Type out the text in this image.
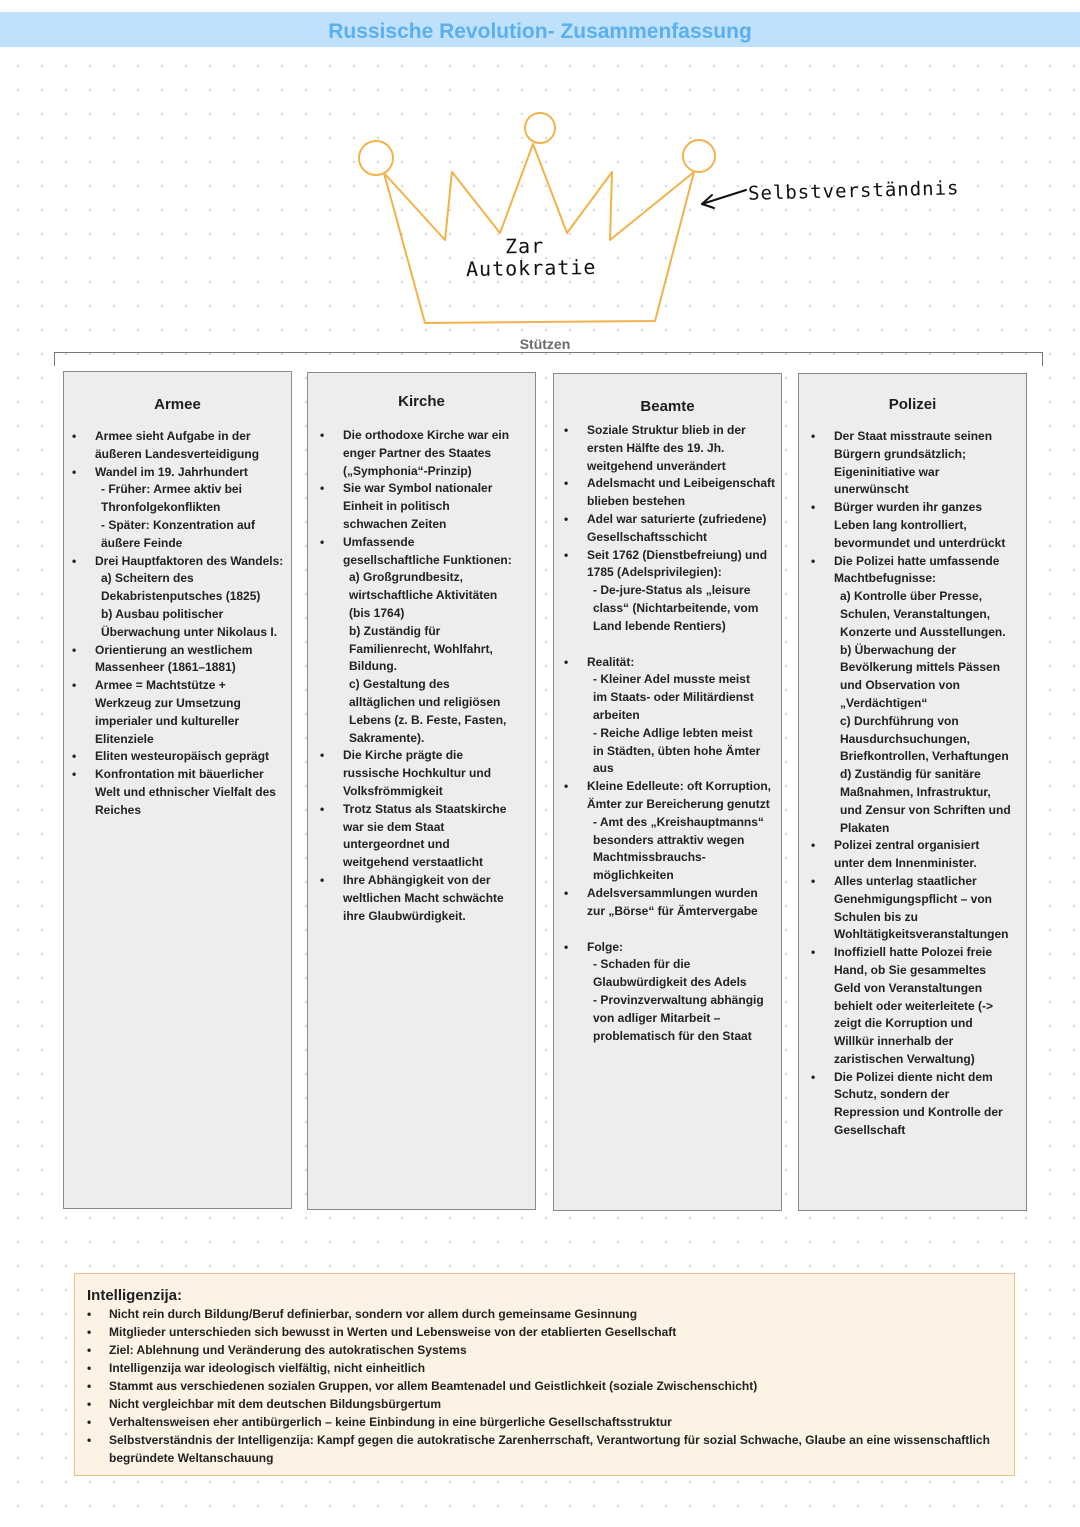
Russische Revolution- Zusammenfassung
Zar
Autokratie
Selbstverständnis
Stützen
Armee
• Armee sieht Aufgabe in der
äußeren Landesverteidigung
• Wandel im 19. Jahrhundert
- Früher: Armee aktiv bei
Thronfolgekonflikten
- Später: Konzentration auf
äußere Feinde
• Drei Hauptfaktoren des Wandels:
a) Scheitern des
Dekabristenputsches (1825)
b) Ausbau politischer
Überwachung unter Nikolaus I.
• Orientierung an westlichem
Massenheer (1861–1881)
• Armee = Machtstütze +
Werkzeug zur Umsetzung
imperialer und kultureller
Elitenziele
• Eliten westeuropäisch geprägt
• Konfrontation mit bäuerlicher
Welt und ethnischer Vielfalt des
Reiches
Kirche
• Die orthodoxe Kirche war ein
enger Partner des Staates
(„Symphonia“-Prinzip)
• Sie war Symbol nationaler
Einheit in politisch
schwachen Zeiten
• Umfassende
gesellschaftliche Funktionen:
a) Großgrundbesitz,
wirtschaftliche Aktivitäten
(bis 1764)
b) Zuständig für
Familienrecht, Wohlfahrt,
Bildung.
c) Gestaltung des
alltäglichen und religiösen
Lebens (z. B. Feste, Fasten,
Sakramente).
• Die Kirche prägte die
russische Hochkultur und
Volksfrömmigkeit
• Trotz Status als Staatskirche
war sie dem Staat
untergeordnet und
weitgehend verstaatlicht
• Ihre Abhängigkeit von der
weltlichen Macht schwächte
ihre Glaubwürdigkeit.
Beamte
• Soziale Struktur blieb in der
ersten Hälfte des 19. Jh.
weitgehend unverändert
• Adelsmacht und Leibeigenschaft
blieben bestehen
• Adel war saturierte (zufriedene)
Gesellschaftsschicht
• Seit 1762 (Dienstbefreiung) und
1785 (Adelsprivilegien):
- De-jure-Status als „leisure
class“ (Nichtarbeitende, vom
Land lebende Rentiers)
• Realität:
- Kleiner Adel musste meist
im Staats- oder Militärdienst
arbeiten
- Reiche Adlige lebten meist
in Städten, übten hohe Ämter
aus
• Kleine Edelleute: oft Korruption,
Ämter zur Bereicherung genutzt
- Amt des „Kreishauptmanns“
besonders attraktiv wegen
Machtmissbrauchs-
möglichkeiten
• Adelsversammlungen wurden
zur „Börse“ für Ämtervergabe
• Folge:
- Schaden für die
Glaubwürdigkeit des Adels
- Provinzverwaltung abhängig
von adliger Mitarbeit –
problematisch für den Staat
Polizei
• Der Staat misstraute seinen
Bürgern grundsätzlich;
Eigeninitiative war
unerwünscht
• Bürger wurden ihr ganzes
Leben lang kontrolliert,
bevormundet und unterdrückt
• Die Polizei hatte umfassende
Machtbefugnisse:
a) Kontrolle über Presse,
Schulen, Veranstaltungen,
Konzerte und Ausstellungen.
b) Überwachung der
Bevölkerung mittels Pässen
und Observation von
„Verdächtigen“
c) Durchführung von
Hausdurchsuchungen,
Briefkontrollen, Verhaftungen
d) Zuständig für sanitäre
Maßnahmen, Infrastruktur,
und Zensur von Schriften und
Plakaten
• Polizei zentral organisiert
unter dem Innenminister.
• Alles unterlag staatlicher
Genehmigungspflicht – von
Schulen bis zu
Wohltätigkeitsveranstaltungen
• Inoffiziell hatte Polozei freie
Hand, ob Sie gesammeltes
Geld von Veranstaltungen
behielt oder weiterleitete (->
zeigt die Korruption und
Willkür innerhalb der
zaristischen Verwaltung)
• Die Polizei diente nicht dem
Schutz, sondern der
Repression und Kontrolle der
Gesellschaft
Intelligenzija:
• Nicht rein durch Bildung/Beruf definierbar, sondern vor allem durch gemeinsame Gesinnung
• Mitglieder unterschieden sich bewusst in Werten und Lebensweise von der etablierten Gesellschaft
• Ziel: Ablehnung und Veränderung des autokratischen Systems
• Intelligenzija war ideologisch vielfältig, nicht einheitlich
• Stammt aus verschiedenen sozialen Gruppen, vor allem Beamtenadel und Geistlichkeit (soziale Zwischenschicht)
• Nicht vergleichbar mit dem deutschen Bildungsbürgertum
• Verhaltensweisen eher antibürgerlich – keine Einbindung in eine bürgerliche Gesellschaftsstruktur
• Selbstverständnis der Intelligenzija: Kampf gegen die autokratische Zarenherrschaft, Verantwortung für sozial Schwache, Glaube an eine wissenschaftlich begründete Weltanschauung
